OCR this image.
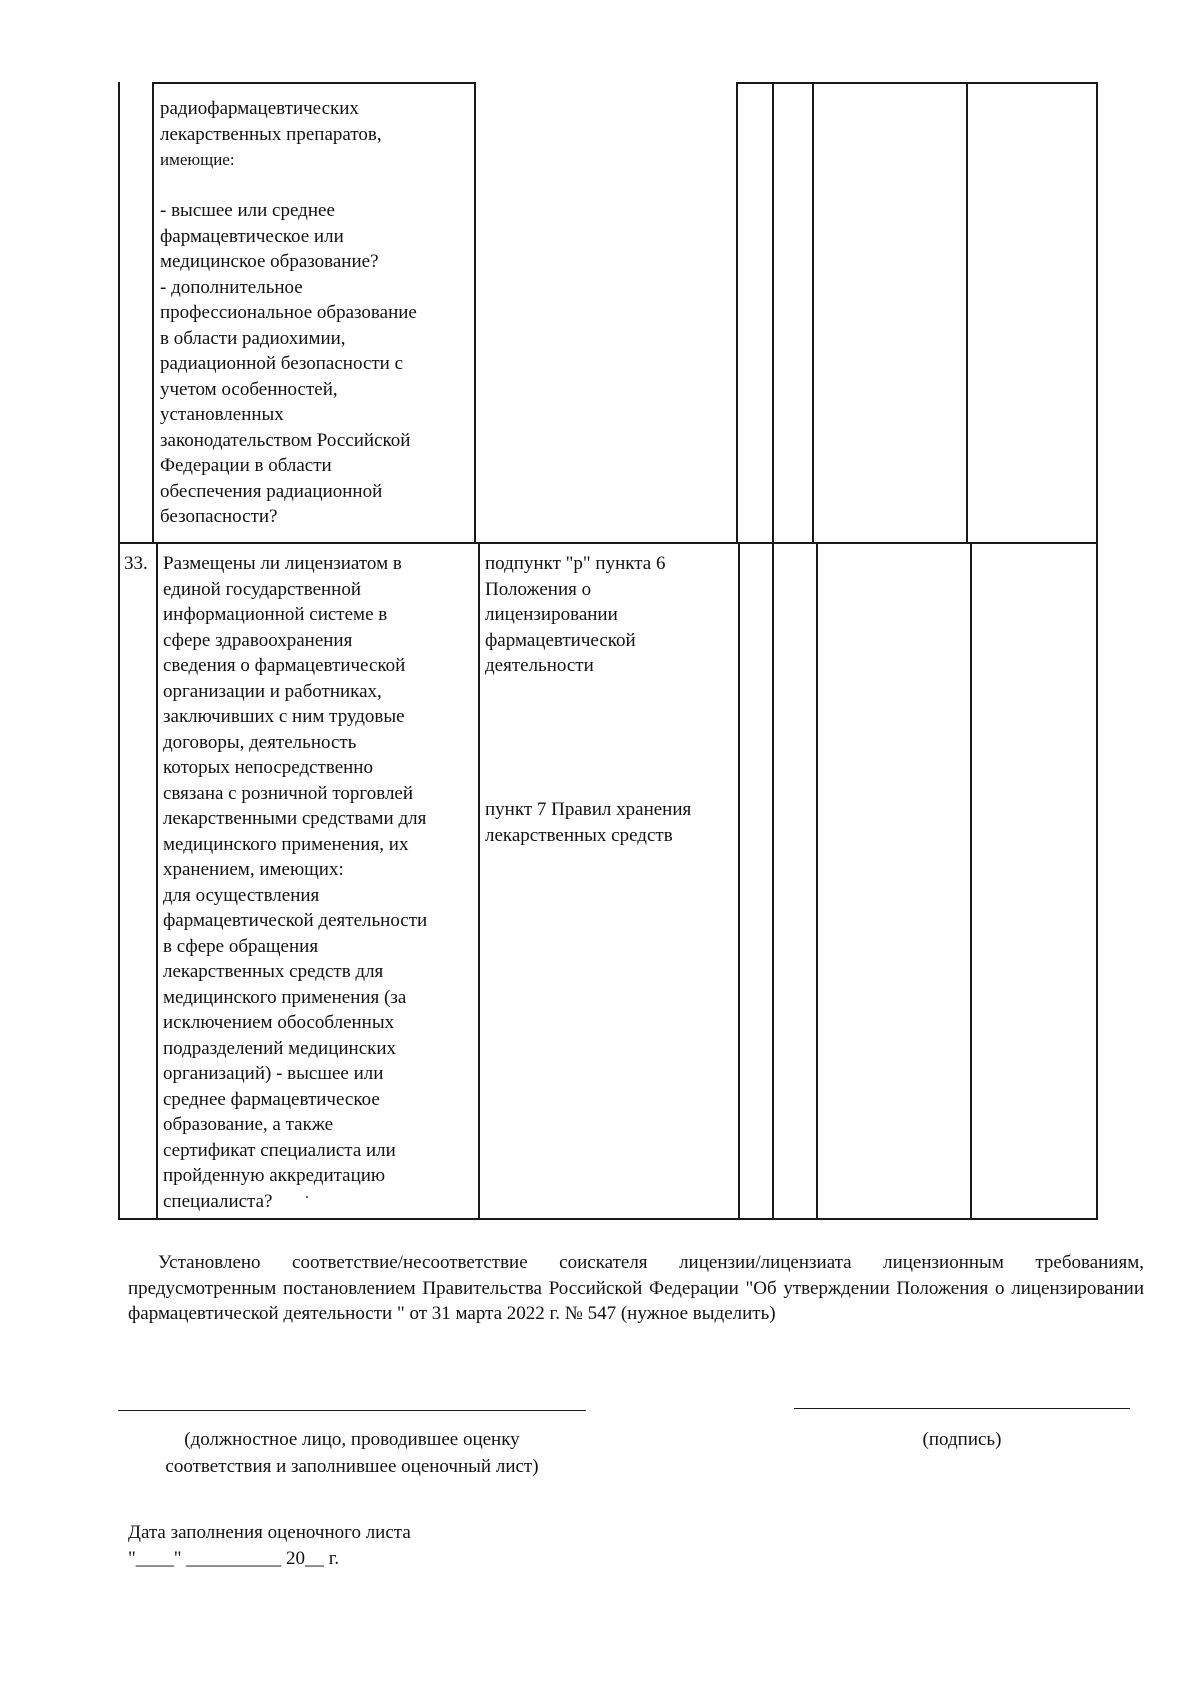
радиофармацевтических
лекарственных препаратов,
имеющие:

- высшее или среднее
фармацевтическое или
медицинское образование?
- дополнительное
профессиональное образование
в области радиохимии,
радиационной безопасности с
учетом особенностей,
установленных
законодательством Российской
Федерации в области
обеспечения радиационной
безопасности?
33. Размещены ли лицензиатом в
единой государственной
информационной системе в
сфере здравоохранения
сведения о фармацевтической
организации и работниках,
заключивших с ним трудовые
договоры, деятельность
которых непосредственно
связана с розничной торговлей
лекарственными средствами для
медицинского применения, их
хранением, имеющих:
для осуществления
фармацевтической деятельности
в сфере обращения
лекарственных средств для
медицинского применения (за
исключением обособленных
подразделений медицинских
организаций) - высшее или
среднее фармацевтическое
образование, а также
сертификат специалиста или
пройденную аккредитацию
специалиста?
подпункт "р" пункта 6
Положения о
лицензировании
фармацевтической
деятельности
пункт 7 Правил хранения
лекарственных средств
Установлено соответствие/несоответствие соискателя лицензии/лицензиата лицензионным требованиям, предусмотренным постановлением Правительства Российской Федерации "Об утверждении Положения о лицензировании фармацевтической деятельности " от 31 марта 2022 г. № 547 (нужное выделить)
(должностное лицо, проводившее оценку
соответствия и заполнившее оценочный лист)
(подпись)
Дата заполнения оценочного листа
"____" __________ 20__ г.
